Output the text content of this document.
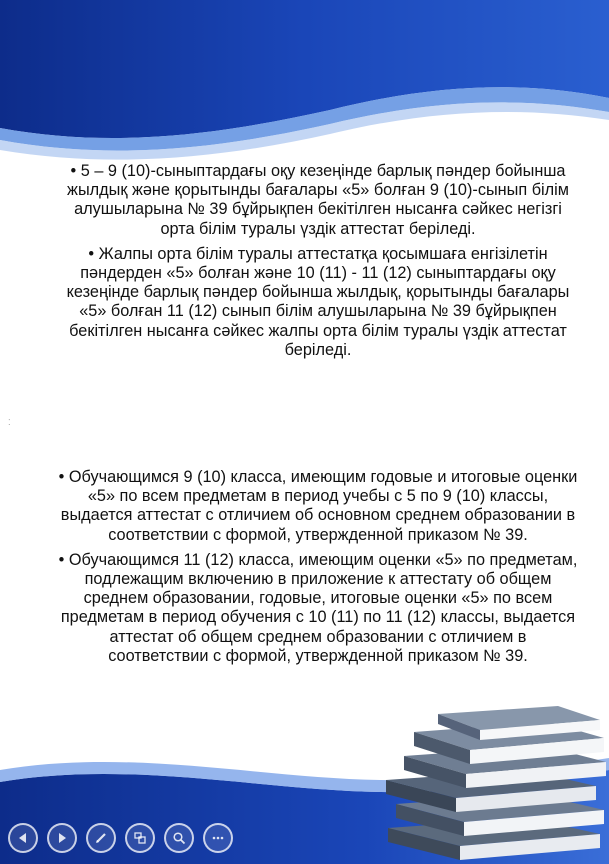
⁚

• 5 – 9 (10)-сыныптардағы оқу кезеңінде барлық пәндер бойынша жылдық және қорытынды бағалары «5» болған 9 (10)-сынып білім алушыларына № 39 бұйрықпен бекітілген нысанға сәйкес негізгі орта білім туралы үздік аттестат беріледі.

• Жалпы орта білім туралы аттестатқа қосымшаға енгізілетін пәндерден «5» болған және 10 (11) - 11 (12) сыныптардағы оқу кезеңінде барлық пәндер бойынша жылдық, қорытынды бағалары «5» болған 11 (12) сынып білім алушыларына № 39 бұйрықпен бекітілген нысанға сәйкес жалпы орта білім туралы үздік аттестат беріледі.

• Обучающимся 9 (10) класса, имеющим годовые и итоговые оценки «5» по всем предметам в период учебы с 5 по 9 (10) классы, выдается аттестат с отличием об основном среднем образовании в соответствии с формой, утвержденной приказом № 39.

• Обучающимся 11 (12) класса, имеющим оценки «5» по предметам, подлежащим включению в приложение к аттестату об общем среднем образовании, годовые, итоговые оценки «5» по всем предметам в период обучения с 10 (11) по 11 (12) классы, выдается аттестат об общем среднем образовании с отличием в соответствии с формой, утвержденной приказом № 39.
